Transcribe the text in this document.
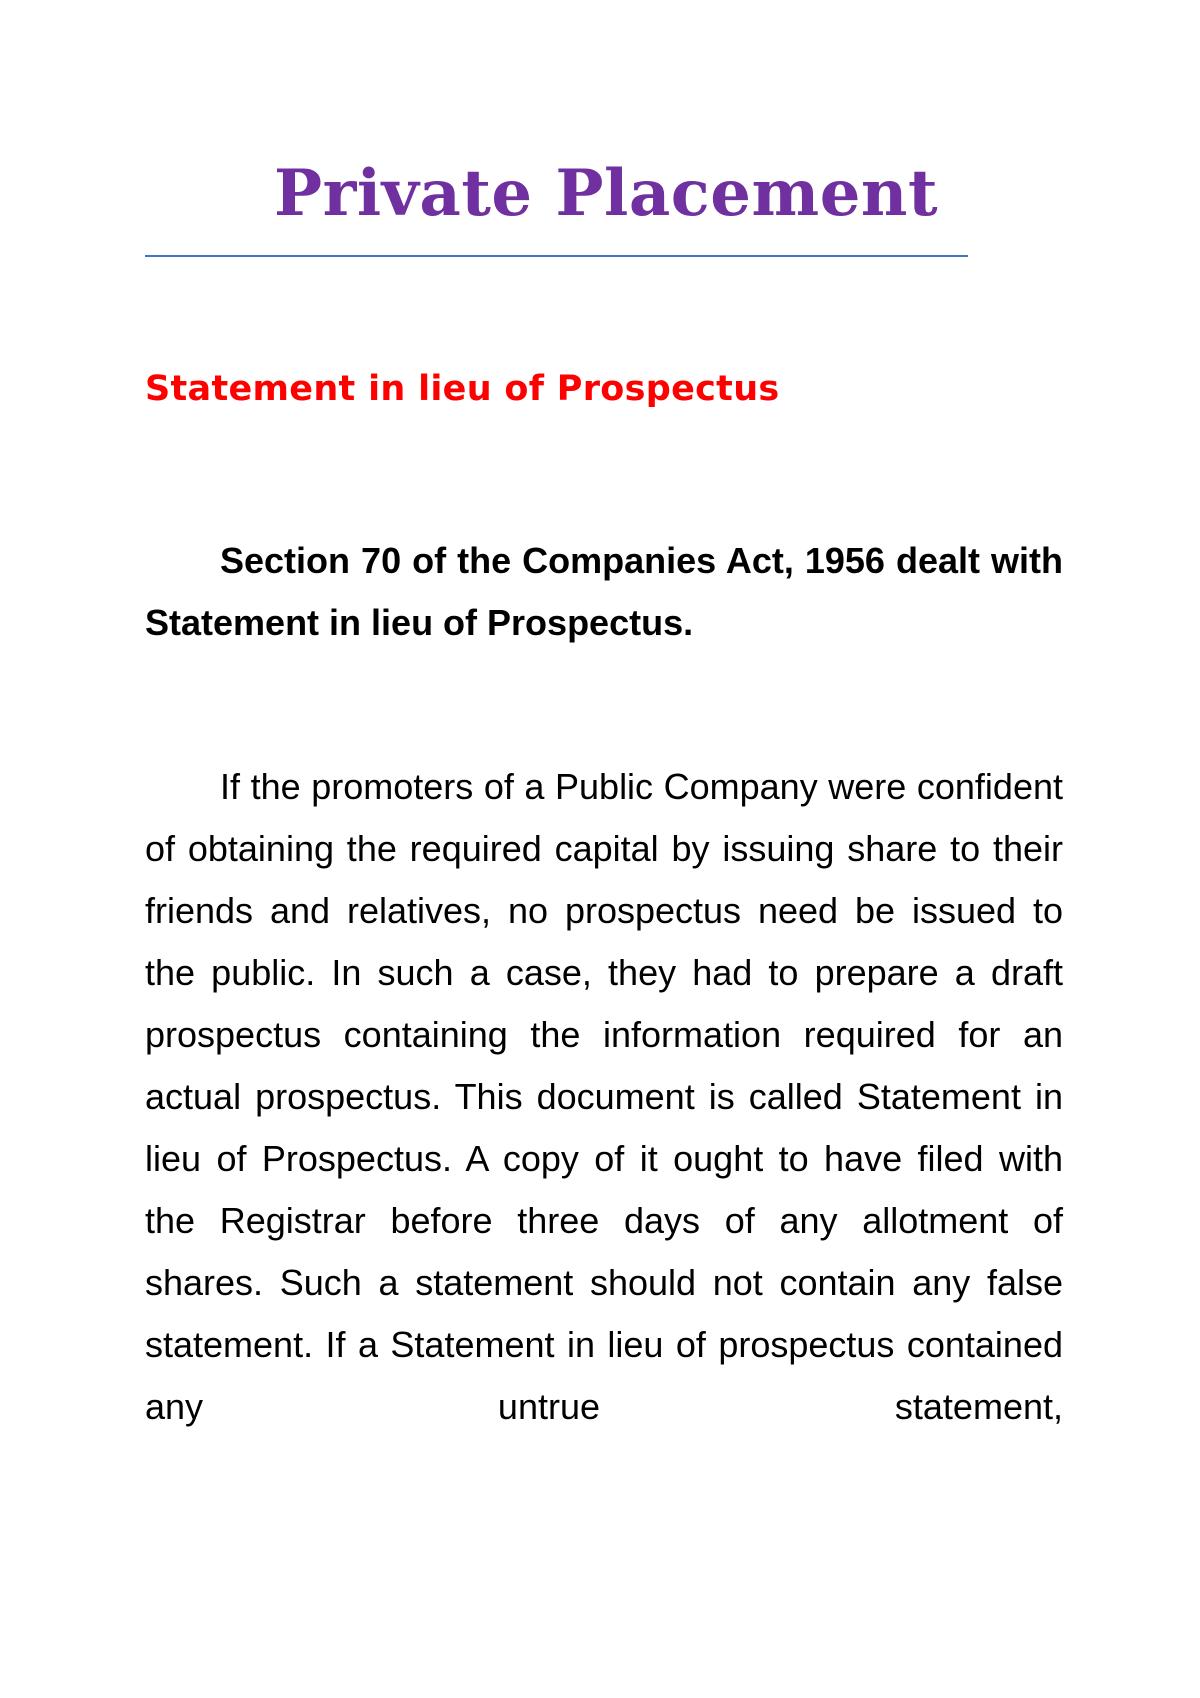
Private Placement
Statement in lieu of Prospectus

Section 70 of the Companies Act, 1956 dealt with Statement in lieu of Prospectus.

If the promoters of a Public Company were confident of obtaining the required capital by issuing share to their friends and relatives, no prospectus need be issued to the public. In such a case, they had to prepare a draft prospectus containing the information required for an actual prospectus. This document is called Statement in lieu of Prospectus. A copy of it ought to have filed with the Registrar before three days of any allotment of shares. Such a statement should not contain any false statement. If a Statement in lieu of prospectus contained any untrue statement,
